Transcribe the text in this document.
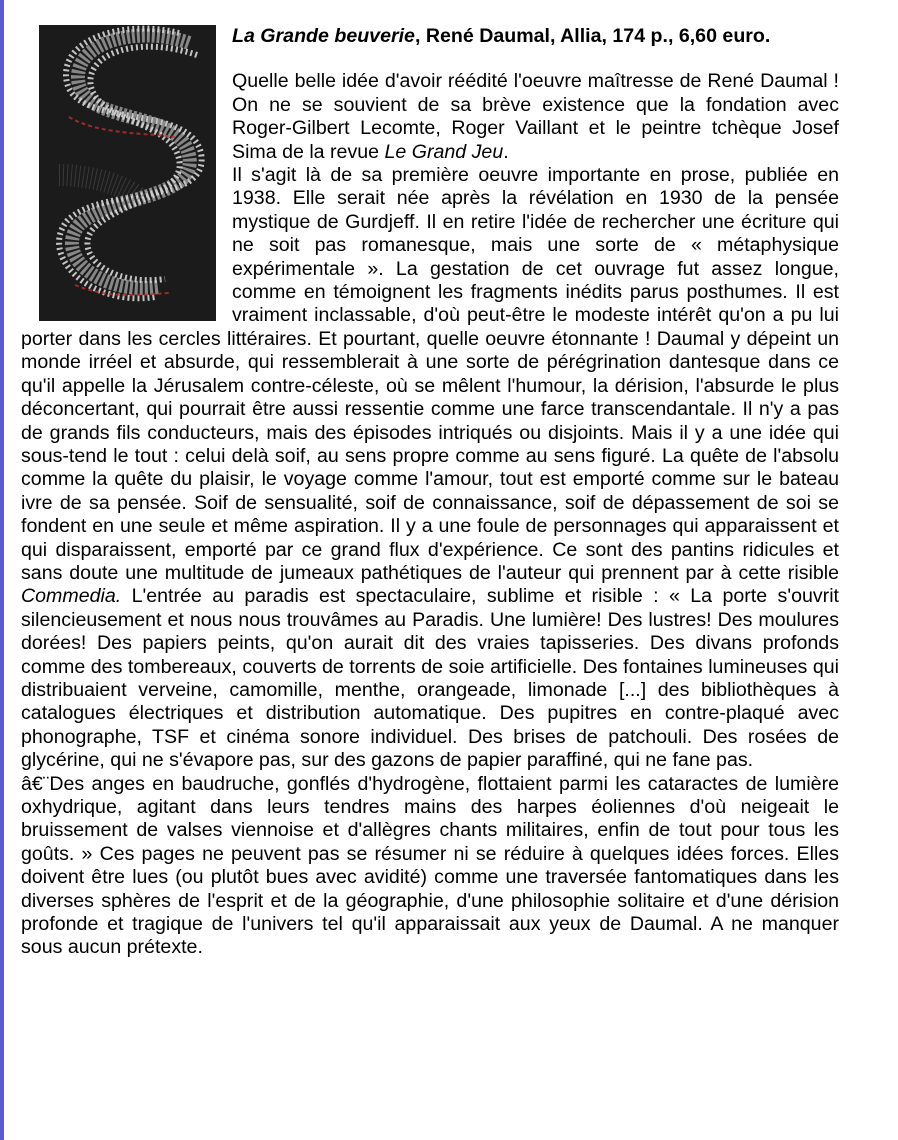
La Grande beuverie, René Daumal, Allia, 174 p., 6,60 euro.

Quelle belle idée d'avoir réédité l'oeuvre maîtresse de René Daumal ! On ne se souvient de sa brève existence que la fondation avec Roger-Gilbert Lecomte, Roger Vaillant et le peintre tchèque Josef Sima de la revue Le Grand Jeu.

Il s'agit là de sa première oeuvre importante en prose, publiée en 1938. Elle serait née après la révélation en 1930 de la pensée mystique de Gurdjeff. Il en retire l'idée de rechercher une écriture qui ne soit pas romanesque, mais une sorte de « métaphysique expérimentale ». La gestation de cet ouvrage fut assez longue, comme en témoignent les fragments inédits parus posthumes. Il est vraiment inclassable, d'où peut-être le modeste intérêt qu'on a pu lui porter dans les cercles littéraires. Et pourtant, quelle oeuvre étonnante ! Daumal y dépeint un monde irréel et absurde, qui ressemblerait à une sorte de pérégrination dantesque dans ce qu'il appelle la Jérusalem contre-céleste, où se mêlent l'humour, la dérision, l'absurde le plus déconcertant, qui pourrait être aussi ressentie comme une farce transcendantale. Il n'y a pas de grands fils conducteurs, mais des épisodes intriqués ou disjoints. Mais il y a une idée qui sous-tend le tout : celui delà soif, au sens propre comme au sens figuré. La quête de l'absolu comme la quête du plaisir, le voyage comme l'amour, tout est emporté comme sur le bateau ivre de sa pensée. Soif de sensualité, soif de connaissance, soif de dépassement de soi se fondent en une seule et même aspiration. Il y a une foule de personnages qui apparaissent et qui disparaissent, emporté par ce grand flux d'expérience. Ce sont des pantins ridicules et sans doute une multitude de jumeaux pathétiques de l'auteur qui prennent par à cette risible Commedia. L'entrée au paradis est spectaculaire, sublime et risible : « La porte s'ouvrit silencieusement et nous nous trouvâmes au Paradis. Une lumière! Des lustres! Des moulures dorées! Des papiers peints, qu'on aurait dit des vraies tapisseries. Des divans profonds comme des tombereaux, couverts de torrents de soie artificielle. Des fontaines lumineuses qui distribuaient verveine, camomille, menthe, orangeade, limonade [...] des bibliothèques à catalogues électriques et distribution automatique. Des pupitres en contre-plaqué avec phonographe, TSF et cinéma sonore individuel. Des brises de patchouli. Des rosées de glycérine, qui ne s'évapore pas, sur des gazons de papier paraffiné, qui ne fane pas.

â€¨Des anges en baudruche, gonflés d'hydrogène, flottaient parmi les cataractes de lumière oxhydrique, agitant dans leurs tendres mains des harpes éoliennes d'où neigeait le bruissement de valses viennoise et d'allègres chants militaires, enfin de tout pour tous les goûts. » Ces pages ne peuvent pas se résumer ni se réduire à quelques idées forces. Elles doivent être lues (ou plutôt bues avec avidité) comme une traversée fantomatiques dans les diverses sphères de l'esprit et de la géographie, d'une philosophie solitaire et d'une dérision profonde et tragique de l'univers tel qu'il apparaissait aux yeux de Daumal. A ne manquer sous aucun prétexte.
